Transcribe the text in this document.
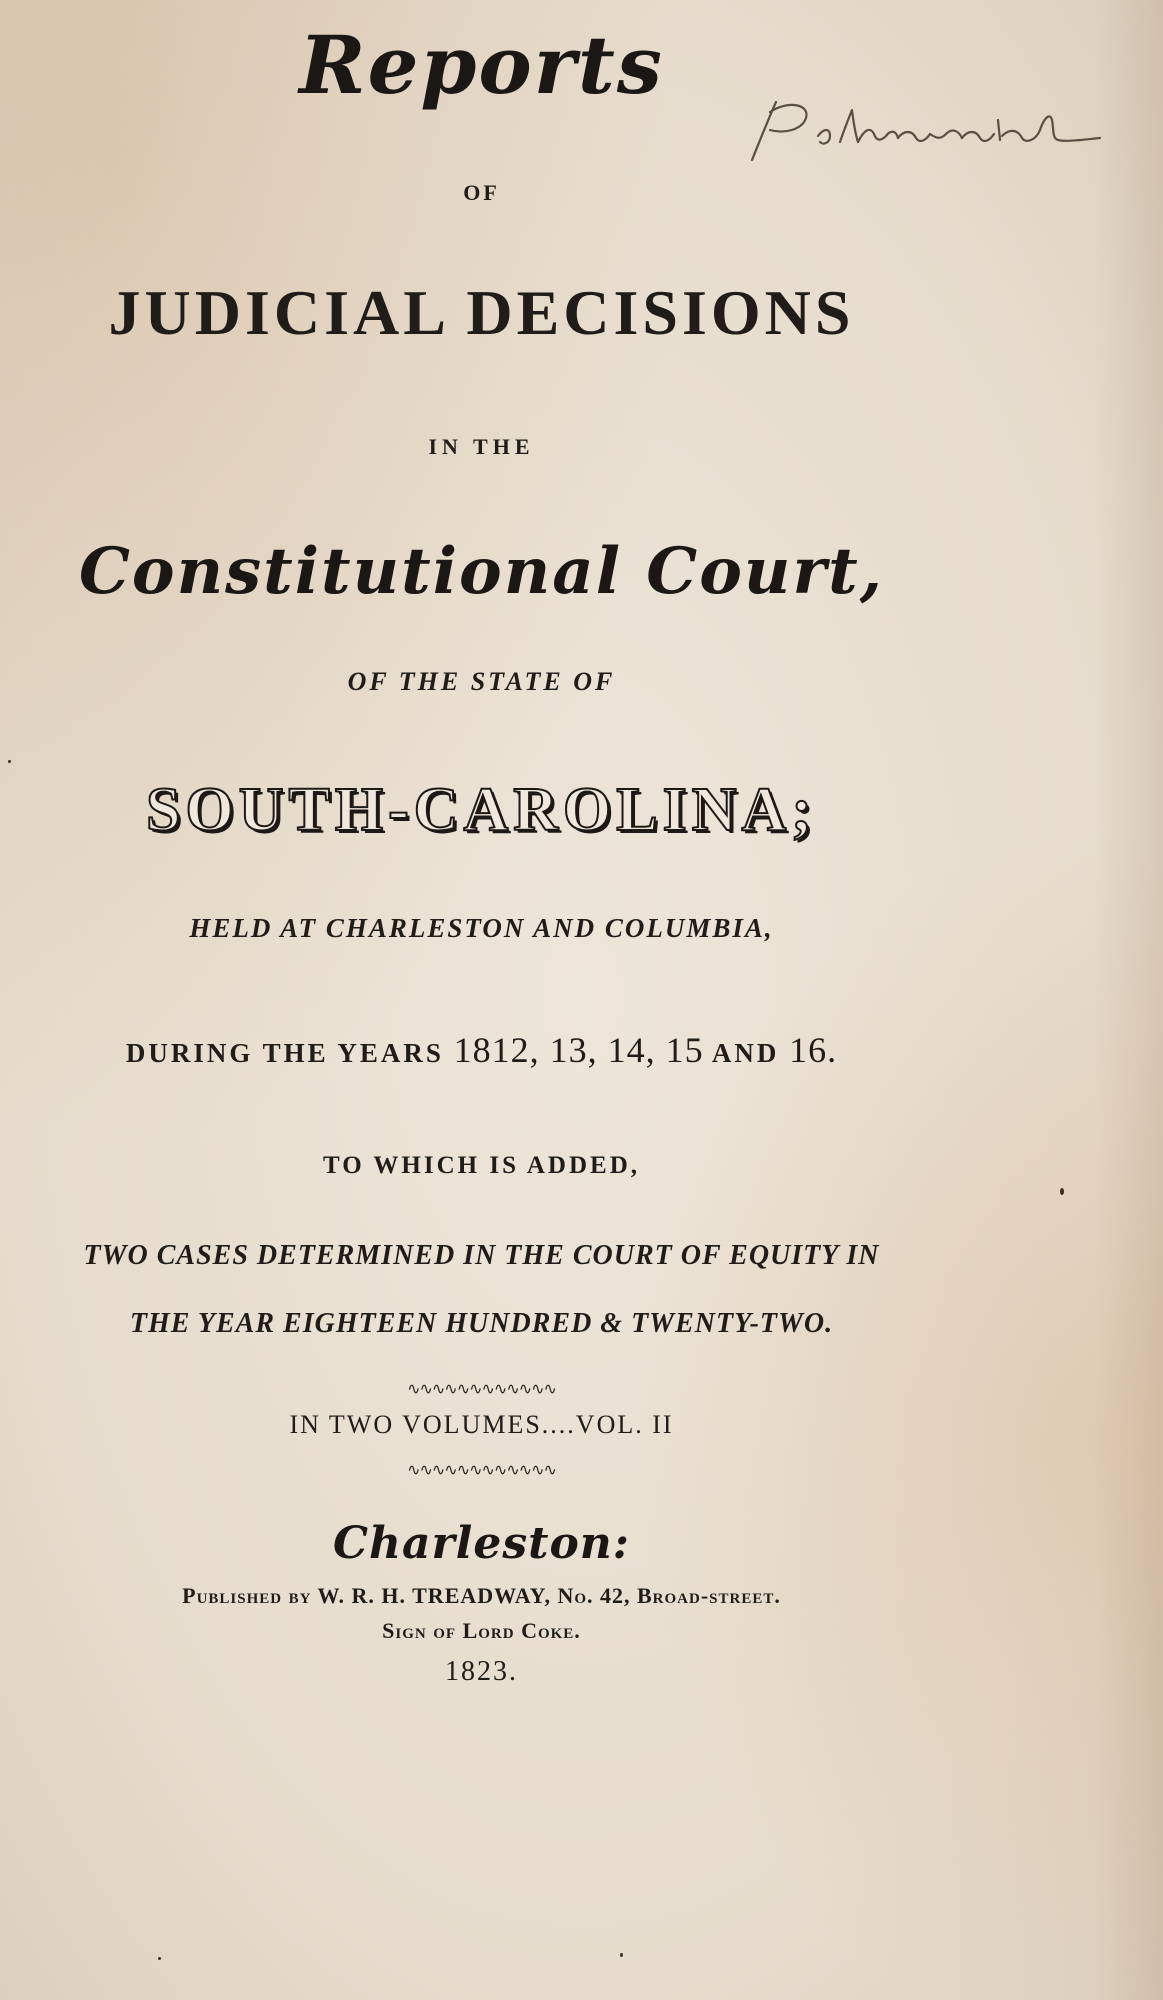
Reports
OF
JUDICIAL DECISIONS
IN THE
Constitutional Court,
OF THE STATE OF
SOUTH-CAROLINA;
HELD AT CHARLESTON AND COLUMBIA,
DURING THE YEARS 1812, 13, 14, 15 AND 16.
TO WHICH IS ADDED,
TWO CASES DETERMINED IN THE COURT OF EQUITY IN
THE YEAR EIGHTEEN HUNDRED & TWENTY-TWO.
∿∿∿∿∿∿∿∿∿∿∿∿
IN TWO VOLUMES....VOL. II
∿∿∿∿∿∿∿∿∿∿∿∿
Charleston:
Published by W. R. H. TREADWAY, No. 42, Broad-street.
Sign of Lord Coke.
1823.
